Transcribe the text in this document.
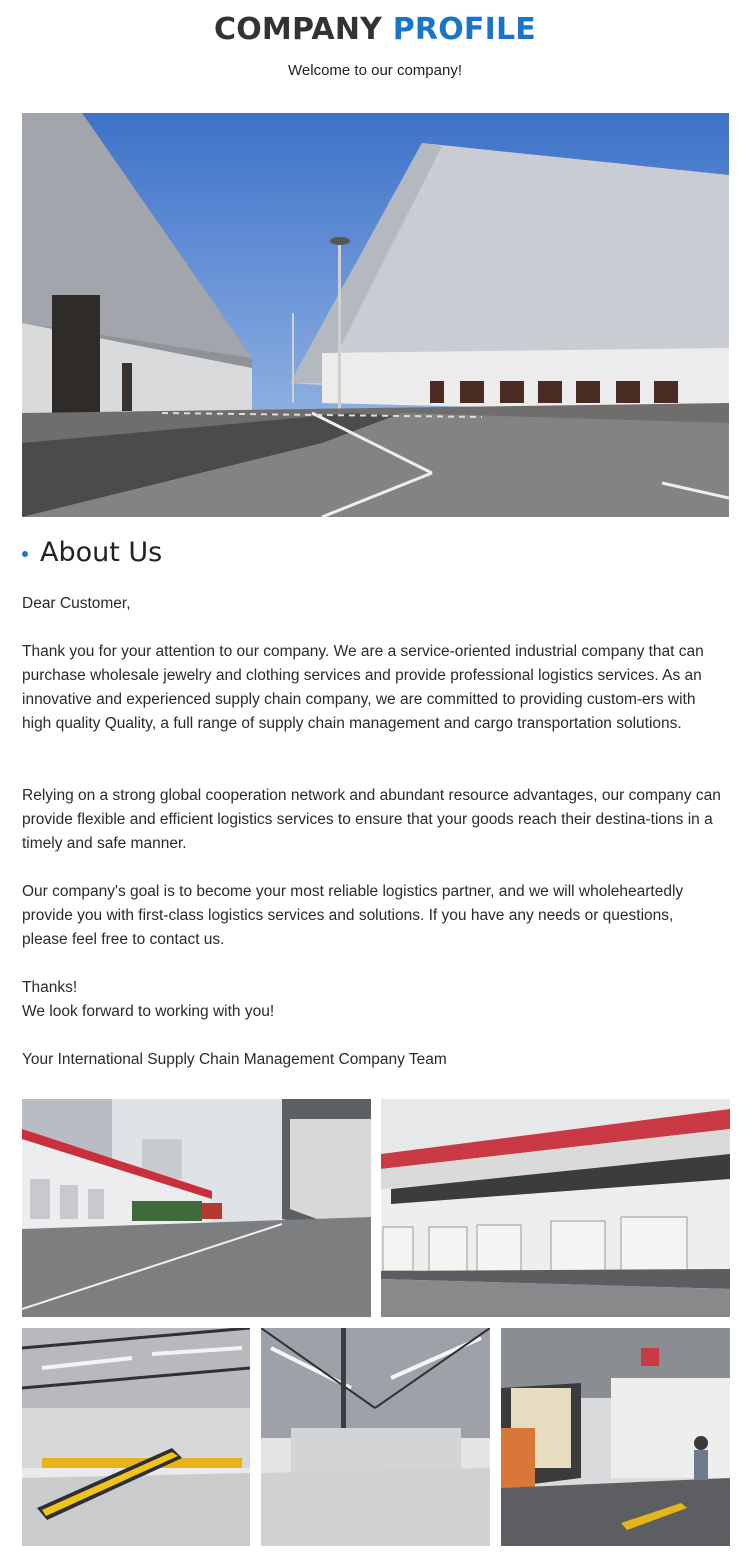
COMPANY PROFILE
Welcome to our company!
About Us

Dear Customer,

Thank you for your attention to our company. We are a service-oriented industrial company that can purchase wholesale jewelry and clothing services and provide professional logistics services. As an innovative and experienced supply chain company, we are committed to providing custom-ers with high quality Quality, a full range of supply chain management and cargo transportation solutions.

Relying on a strong global cooperation network and abundant resource advantages, our company can provide flexible and efficient logistics services to ensure that your goods reach their destina-tions in a timely and safe manner.

Our company's goal is to become your most reliable logistics partner, and we will wholeheartedly provide you with first-class logistics services and solutions. If you have any needs or questions, please feel free to contact us.

Thanks!

We look forward to working with you!

Your International Supply Chain Management Company Team
